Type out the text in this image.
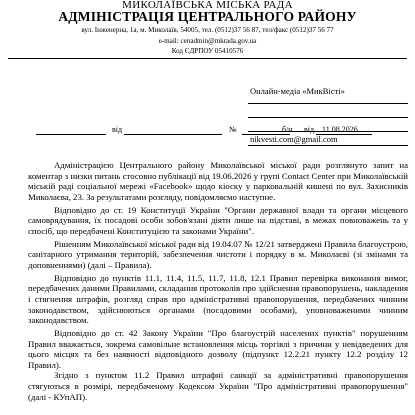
МИКОЛАЇВСЬКА МІСЬКА РАДА
АДМІНІСТРАЦІЯ ЦЕНТРАЛЬНОГО РАЙОНУ
вул. Інженерна, 1а, м. Миколаїв, 54005, тел. (0512)37 56 87, тел/факс (0512)37 56 77
e-mail: cenadmin@mkrada.gov.ua
Код ЄДРПОУ 05410576
від	№	б/н від 11.08.2026
Онлайн-медіа «МикВісті»
nikvesti.com@gmail.com

Адміністрацією Центрального району Миколаївської міської ради розглянуто запит на коментар з низки питань стосовно публікації від 19.06.2026 у групі Contact Center при Миколаївській міській раді соціальної мережі «Facebook» щодо кіоску у парковальній кишені по вул. Захисників Миколаєва, 23. За результатами розгляду, повідомляємо наступне.

Відповідно до ст. 19 Конституції України "Органи державної влади та органи місцевого самоврядування, їх посадові особи зобов'язані діяти лише на підставі, в межах повноважень та у спосіб, що передбачені Конституцією та законами України".

Рішенням Миколаївської міської ради від 19.04.07 № 12/21 затверджені Правила благоустрою, санітарного утримання територій, забезпечення чистоти і порядку в м. Миколаєві (зі змінами та доповненнями) (далі – Правила).

Відповідно до пунктів 11.1, 11.4, 11.5, 11.7, 11.8, 12.1 Правил перевірка виконання вимог, передбачених даними Правилами, складання протоколів про здійснення правопорушень, накладення і стягнення штрафів, розгляд справ про адміністративні правопорушення, передбачених чинним законодавством, здійснюються органами (посадовими особами), уповноваженими чинним законодавством.

Відповідно до ст. 42 Закону України "Про благоустрій населених пунктів" порушенням Правил вважається, зокрема самовільне встановлення місць торгівлі з причини у невідведених для цього місцях та без наявності відповідного дозволу (підпункт 12.2.21 пункту 12.2 розділу 12 Правил).

Згідно з пунктом 11.2 Правил штрафні санкції за адміністративні правопорушення стягуються в розмірі, передбаченому Кодексом України "Про адміністративні правопорушення" (далі - КУпАП).
